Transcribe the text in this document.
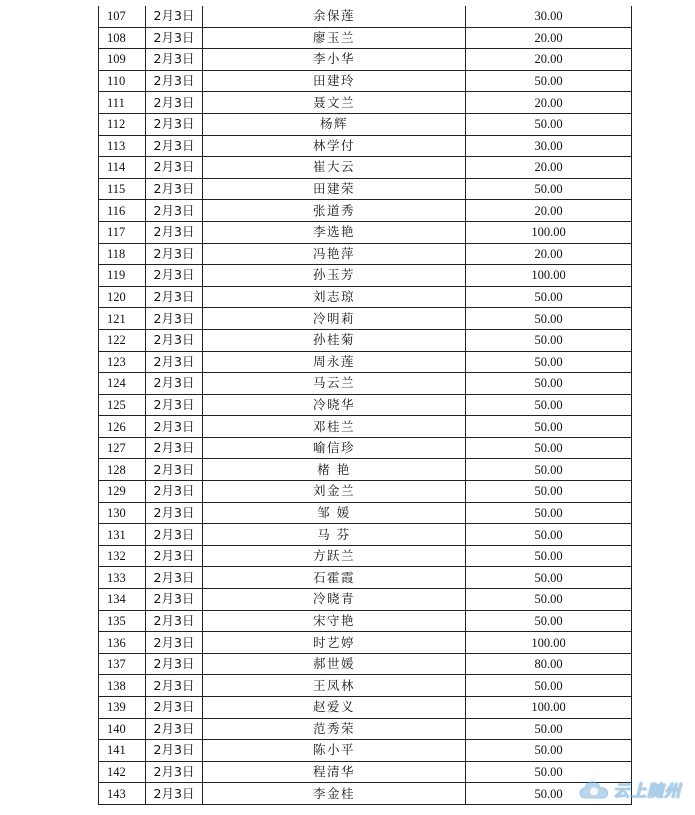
107	2月3日	余保莲	30.00
108	2月3日	廖玉兰	20.00
109	2月3日	李小华	20.00
110	2月3日	田建玲	50.00
111	2月3日	聂文兰	20.00
112	2月3日	杨辉	50.00
113	2月3日	林学付	30.00
114	2月3日	崔大云	20.00
115	2月3日	田建荣	50.00
116	2月3日	张道秀	20.00
117	2月3日	李选艳	100.00
118	2月3日	冯艳萍	20.00
119	2月3日	孙玉芳	100.00
120	2月3日	刘志琼	50.00
121	2月3日	冷明莉	50.00
122	2月3日	孙桂菊	50.00
123	2月3日	周永莲	50.00
124	2月3日	马云兰	50.00
125	2月3日	冷晓华	50.00
126	2月3日	邓桂兰	50.00
127	2月3日	喻信珍	50.00
128	2月3日	楮 艳	50.00
129	2月3日	刘金兰	50.00
130	2月3日	邹 媛	50.00
131	2月3日	马 芬	50.00
132	2月3日	方跃兰	50.00
133	2月3日	石霍霞	50.00
134	2月3日	冷晓青	50.00
135	2月3日	宋守艳	50.00
136	2月3日	时艺婷	100.00
137	2月3日	郝世媛	80.00
138	2月3日	王凤林	50.00
139	2月3日	赵爱义	100.00
140	2月3日	范秀荣	50.00
141	2月3日	陈小平	50.00
142	2月3日	程清华	50.00
143	2月3日	李金桂	50.00	云上随州
